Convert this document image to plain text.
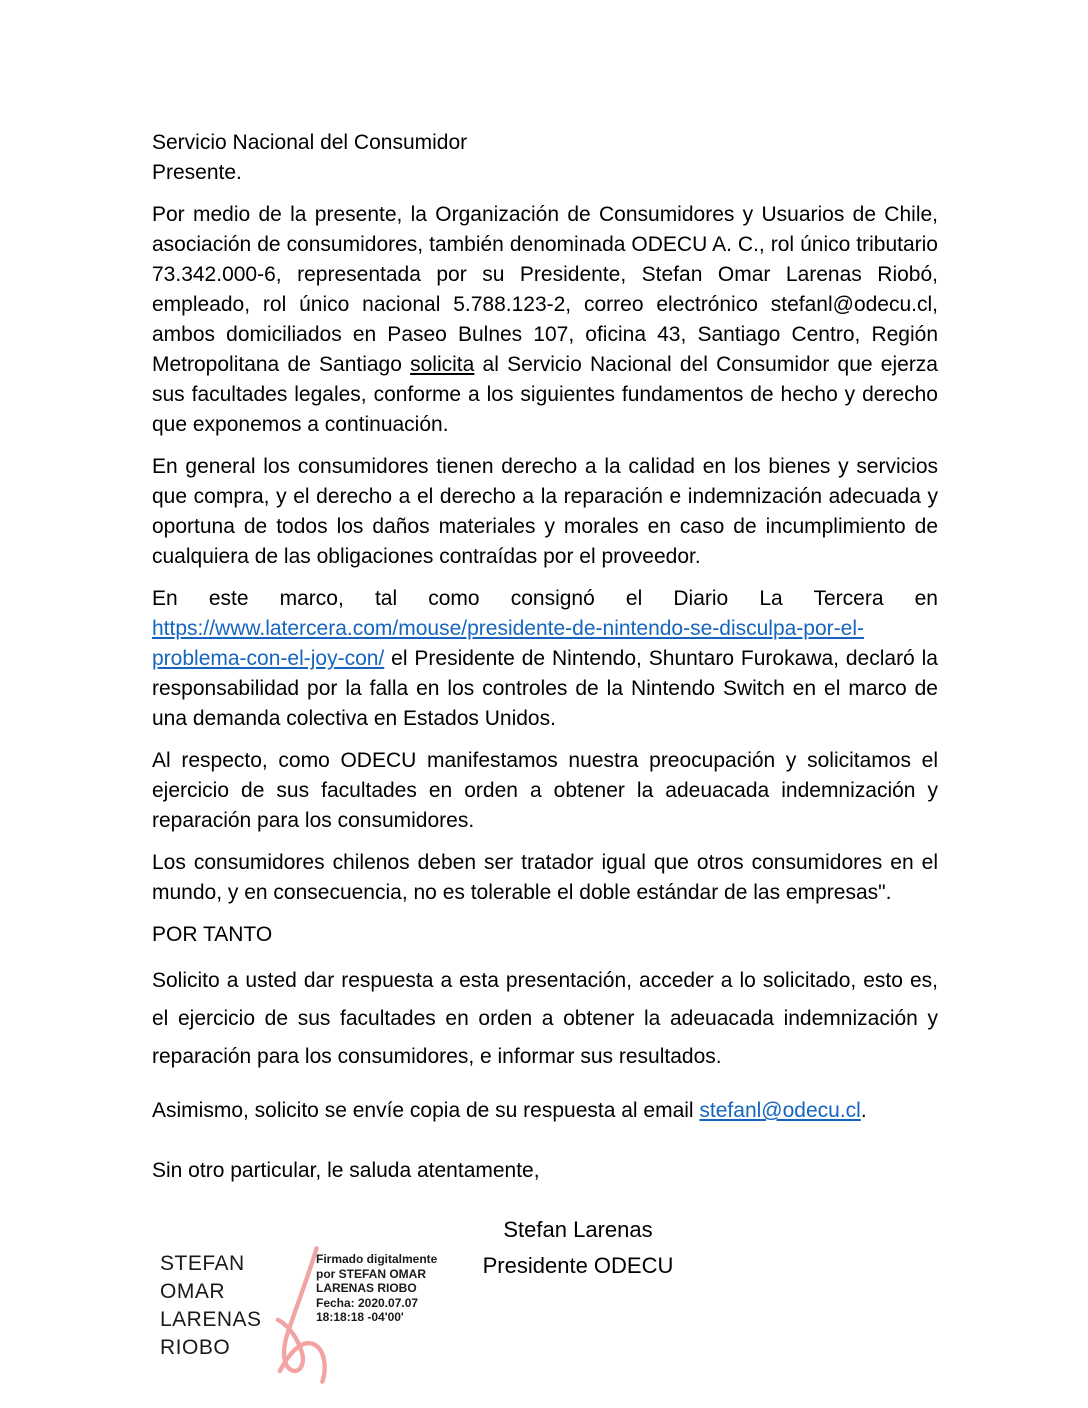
Servicio Nacional del Consumidor
Presente.

Por medio de la presente, la Organización de Consumidores y Usuarios de Chile, asociación de consumidores, también denominada ODECU A. C., rol único tributario 73.342.000-6, representada por su Presidente, Stefan Omar Larenas Riobó, empleado, rol único nacional 5.788.123-2, correo electrónico stefanl@odecu.cl, ambos domiciliados en Paseo Bulnes 107, oficina 43, Santiago Centro, Región Metropolitana de Santiago solicita al Servicio Nacional del Consumidor que ejerza sus facultades legales, conforme a los siguientes fundamentos de hecho y derecho que exponemos a continuación.

En general los consumidores tienen derecho a la calidad en los bienes y servicios que compra, y el derecho a el derecho a la reparación e indemnización adecuada y oportuna de todos los daños materiales y morales en caso de incumplimiento de cualquiera de las obligaciones contraídas por el proveedor.

En este marco, tal como consignó el Diario La Tercera en https://www.latercera.com/mouse/presidente-de-nintendo-se-disculpa-por-el-problema-con-el-joy-con/ el Presidente de Nintendo, Shuntaro Furokawa, declaró la responsabilidad por la falla en los controles de la Nintendo Switch en el marco de una demanda colectiva en Estados Unidos.

Al respecto, como ODECU manifestamos nuestra preocupación y solicitamos el ejercicio de sus facultades en orden a obtener la adeuacada indemnización y reparación para los consumidores.

Los consumidores chilenos deben ser tratador igual que otros consumidores en el mundo, y en consecuencia, no es tolerable el doble estándar de las empresas".

POR TANTO

Solicito a usted dar respuesta a esta presentación, acceder a lo solicitado, esto es, el ejercicio de sus facultades en orden a obtener la adeuacada indemnización y reparación para los consumidores, e informar sus resultados.

Asimismo, solicito se envíe copia de su respuesta al email stefanl@odecu.cl.

Sin otro particular, le saluda atentamente,

Stefan Larenas
Presidente ODECU
STEFAN OMAR LARENAS RIOBO
Firmado digitalmente por STEFAN OMAR LARENAS RIOBO Fecha: 2020.07.07 18:18:18 -04'00'
